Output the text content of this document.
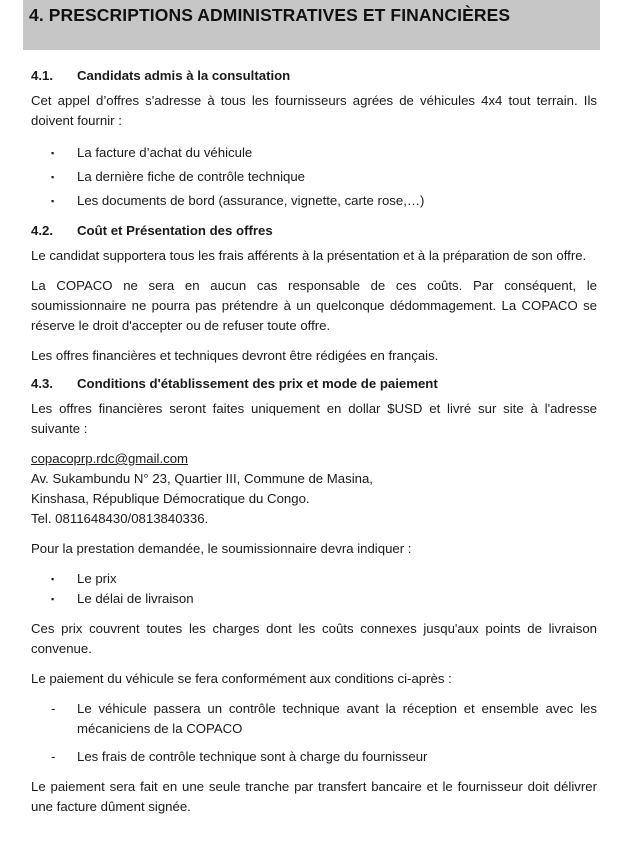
4. PRESCRIPTIONS ADMINISTRATIVES ET FINANCIÈRES
4.1.	Candidats admis à la consultation

Cet appel d’offres s'adresse à tous les fournisseurs agrées de véhicules 4x4 tout terrain. Ils doivent fournir :

▪	La facture d’achat du véhicule
▪	La dernière fiche de contrôle technique
▪	Les documents de bord (assurance, vignette, carte rose,…)
4.2.	Coût et Présentation des offres

Le candidat supportera tous les frais afférents à la présentation et à la préparation de son offre.

La COPACO ne sera en aucun cas responsable de ces coûts. Par conséquent, le soumissionnaire ne pourra pas prétendre à un quelconque dédommagement. La COPACO se réserve le droit d'accepter ou de refuser toute offre.

Les offres financières et techniques devront être rédigées en français.

4.3.	Conditions d'établissement des prix et mode de paiement

Les offres financières seront faites uniquement en dollar $USD et livré sur site à l'adresse suivante :

copacoprp.rdc@gmail.com
Av. Sukambundu N° 23, Quartier III, Commune de Masina,
Kinshasa, République Démocratique du Congo.
Tel. 0811648430/0813840336.

Pour la prestation demandée, le soumissionnaire devra indiquer :

▪	Le prix
▪	Le délai de livraison

Ces prix couvrent toutes les charges dont les coûts connexes jusqu'aux points de livraison convenue.

Le paiement du véhicule se fera conformément aux conditions ci-après :

-	Le véhicule passera un contrôle technique avant la réception et ensemble avec les mécaniciens de la COPACO
-	Les frais de contrôle technique sont à charge du fournisseur

Le paiement sera fait en une seule tranche par transfert bancaire et le fournisseur doit délivrer une facture dûment signée.
